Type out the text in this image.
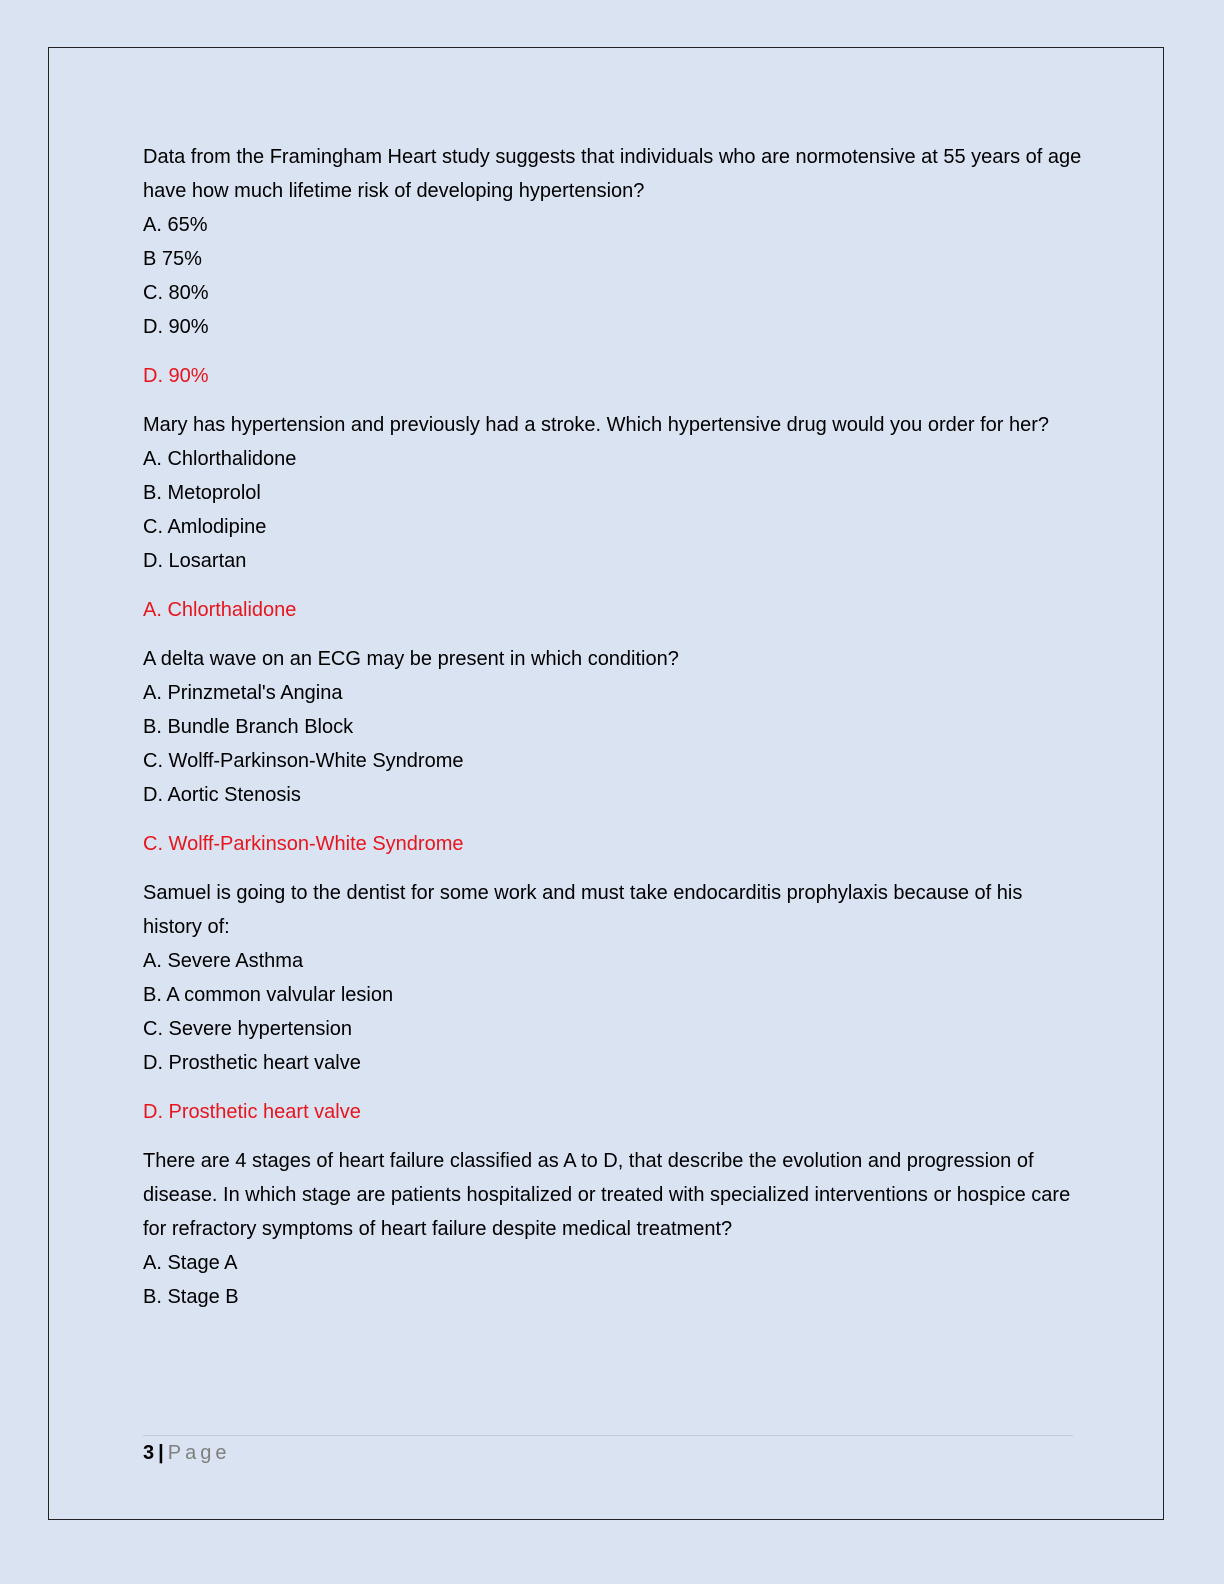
Data from the Framingham Heart study suggests that individuals who are normotensive at 55 years of age have how much lifetime risk of developing hypertension?
A. 65%
B 75%
C. 80%
D. 90%
D. 90%
Mary has hypertension and previously had a stroke. Which hypertensive drug would you order for her?
A. Chlorthalidone
B. Metoprolol
C. Amlodipine
D. Losartan
A. Chlorthalidone
A delta wave on an ECG may be present in which condition?
A. Prinzmetal's Angina
B. Bundle Branch Block
C. Wolff-Parkinson-White Syndrome
D. Aortic Stenosis
C. Wolff-Parkinson-White Syndrome
Samuel is going to the dentist for some work and must take endocarditis prophylaxis because of his history of:
A. Severe Asthma
B. A common valvular lesion
C. Severe hypertension
D. Prosthetic heart valve
D. Prosthetic heart valve
There are 4 stages of heart failure classified as A to D, that describe the evolution and progression of disease. In which stage are patients hospitalized or treated with specialized interventions or hospice care for refractory symptoms of heart failure despite medical treatment?
A. Stage A
B. Stage B
3 | Page
